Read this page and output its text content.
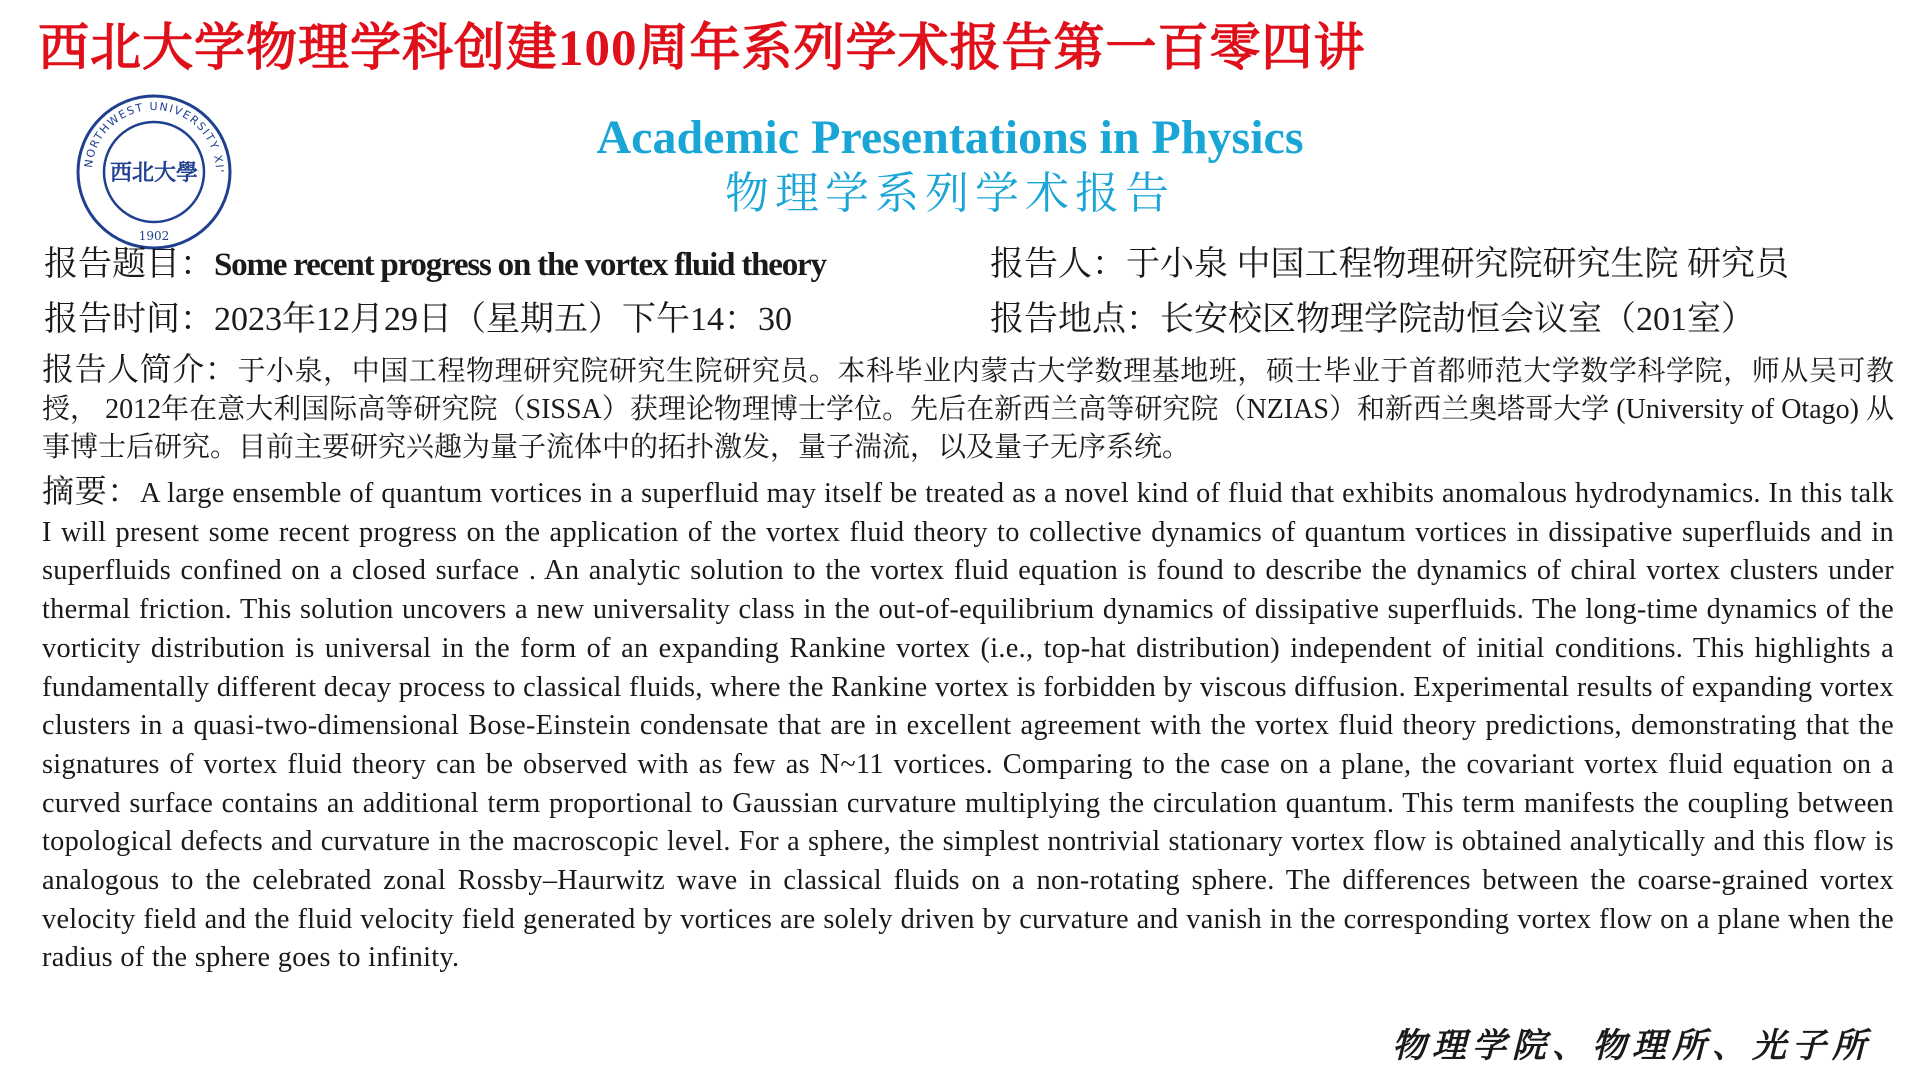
西北大学物理学科创建100周年系列学术报告第一百零四讲
NORTHWEST UNIVERSITY XI'
西北大學
1902
Academic Presentations in Physics
物理学系列学术报告
报告题目：Some recent progress on the vortex fluid theory	报告人：于小泉 中国工程物理研究院研究生院 研究员
报告时间：2023年12月29日（星期五）下午14：30	报告地点：长安校区物理学院劼恒会议室（201室）
报告人简介：于小泉，中国工程物理研究院研究生院研究员。本科毕业内蒙古大学数理基地班，硕士毕业于首都师范大学数学科学院，师从吴可教授， 2012年在意大利国际高等研究院（SISSA）获理论物理博士学位。先后在新西兰高等研究院（NZIAS）和新西兰奥塔哥大学 (University of Otago) 从事博士后研究。目前主要研究兴趣为量子流体中的拓扑激发，量子湍流，以及量子无序系统。
摘要：A large ensemble of quantum vortices in a superfluid may itself be treated as a novel kind of fluid that exhibits anomalous hydrodynamics. In this talk I will present some recent progress on the application of the vortex fluid theory to collective dynamics of quantum vortices in dissipative superfluids and in superfluids confined on a closed surface . An analytic solution to the vortex fluid equation is found to describe the dynamics of chiral vortex clusters under thermal friction. This solution uncovers a new universality class in the out-of-equilibrium dynamics of dissipative superfluids. The long-time dynamics of the vorticity distribution is universal in the form of an expanding Rankine vortex (i.e., top-hat distribution) independent of initial conditions. This highlights a fundamentally different decay process to classical fluids, where the Rankine vortex is forbidden by viscous diffusion. Experimental results of expanding vortex clusters in a quasi-two-dimensional Bose-Einstein condensate that are in excellent agreement with the vortex fluid theory predictions, demonstrating that the signatures of vortex fluid theory can be observed with as few as N~11 vortices. Comparing to the case on a plane, the covariant vortex fluid equation on a curved surface contains an additional term proportional to Gaussian curvature multiplying the circulation quantum. This term manifests the coupling between topological defects and curvature in the macroscopic level. For a sphere, the simplest nontrivial stationary vortex flow is obtained analytically and this flow is analogous to the celebrated zonal Rossby–Haurwitz wave in classical fluids on a non-rotating sphere. The differences between the coarse-grained vortex velocity field and the fluid velocity field generated by vortices are solely driven by curvature and vanish in the corresponding vortex flow on a plane when the radius of the sphere goes to infinity.
物理学院、物理所、光子所
